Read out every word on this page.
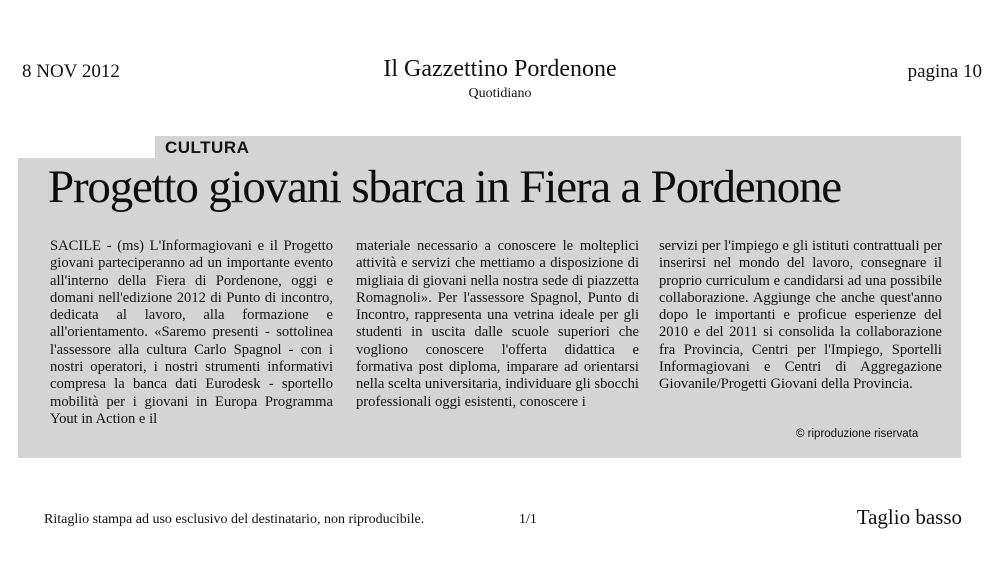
8 NOV 2012	Il Gazzettino Pordenone
Quotidiano
pagina 10
CULTURA
Progetto giovani sbarca in Fiera a Pordenone
SACILE - (ms) L'Informagiovani e il Progetto giovani parteciperanno ad un importante evento all'interno della Fiera di Pordenone, oggi e domani nell'edizione 2012 di Punto di incontro, dedicata al lavoro, alla formazione e all'orientamento. «Saremo presenti - sottolinea l'assessore alla cultura Carlo Spagnol - con i nostri operatori, i nostri strumenti informativi compresa la banca dati Eurodesk - sportello mobilità per i giovani in Europa Programma Yout in Action e il
materiale necessario a conoscere le molteplici attività e servizi che mettiamo a disposizione di migliaia di giovani nella nostra sede di piazzetta Romagnoli». Per l'assessore Spagnol, Punto di Incontro, rappresenta una vetrina ideale per gli studenti in uscita dalle scuole superiori che vogliono conoscere l'offerta didattica e formativa post diploma, imparare ad orientarsi nella scelta universitaria, individuare gli sbocchi professionali oggi esistenti, conoscere i
servizi per l'impiego e gli istituti contrattuali per inserirsi nel mondo del lavoro, consegnare il proprio curriculum e candidarsi ad una possibile collaborazione. Aggiunge che anche quest'anno dopo le importanti e proficue esperienze del 2010 e del 2011 si consolida la collaborazione fra Provincia, Centri per l'Impiego, Sportelli Informagiovani e Centri di Aggregazione Giovanile/Progetti Giovani della Provincia.
© riproduzione riservata
Ritaglio stampa ad uso esclusivo del destinatario, non riproducibile.	1/1	Taglio basso
